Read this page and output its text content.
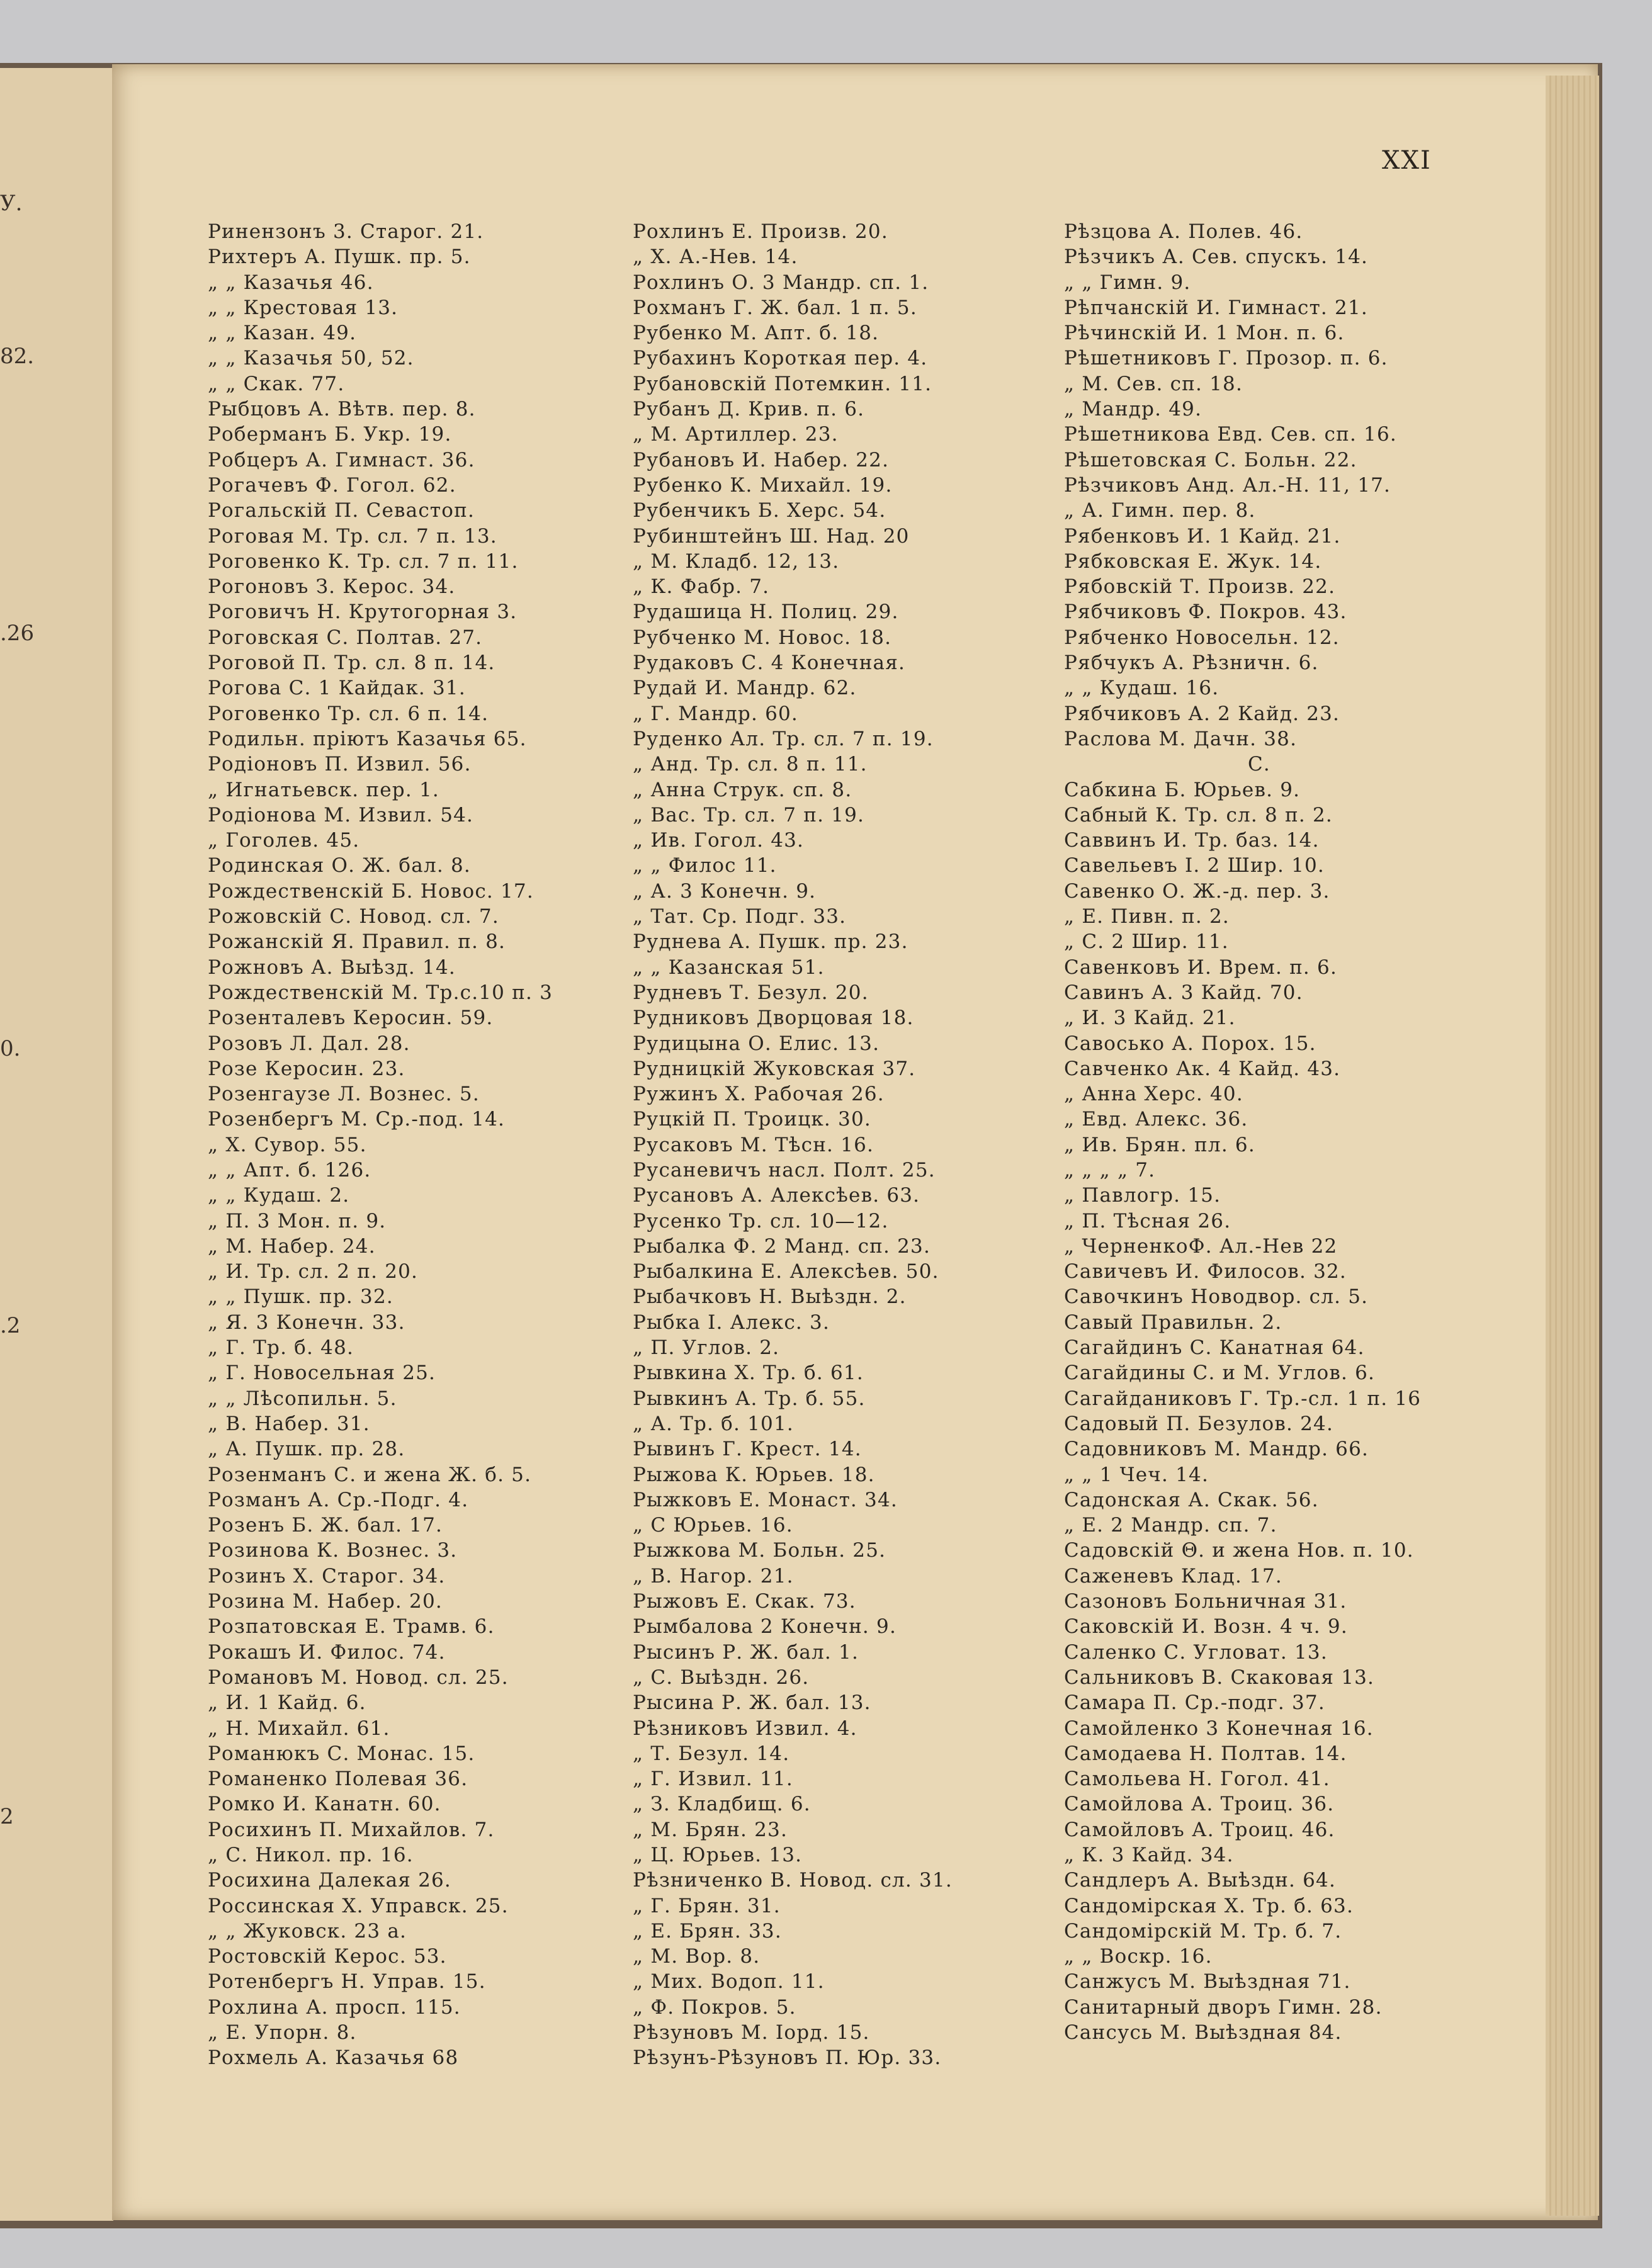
У.
82.
.26
0.
.2
2
XXI
Ринензонъ 3. Старог. 21.
Рихтеръ А. Пушк. пр. 5.
„ „ Казачья 46.
„ „ Крестовая 13.
„ „ Казан. 49.
„ „ Казачья 50, 52.
„ „ Скак. 77.
Рыбцовъ А. Вѣтв. пер. 8.
Роберманъ Б. Укр. 19.
Робцеръ А. Гимнаст. 36.
Рогачевъ Ф. Гогол. 62.
Рогальскій П. Севастоп.
Роговая М. Тр. сл. 7 п. 13.
Роговенко К. Тр. сл. 7 п. 11.
Рогоновъ З. Керос. 34.
Роговичъ Н. Крутогорная 3.
Роговская С. Полтав. 27.
Роговой П. Тр. сл. 8 п. 14.
Рогова С. 1 Кайдак. 31.
Роговенко Тр. сл. 6 п. 14.
Родильн. пріютъ Казачья 65.
Родіоновъ П. Извил. 56.
„ Игнатьевск. пер. 1.
Родіонова М. Извил. 54.
„ Гоголев. 45.
Родинская О. Ж. бал. 8.
Рождественскій Б. Новос. 17.
Рожовскій С. Новод. сл. 7.
Рожанскій Я. Правил. п. 8.
Рожновъ А. Выѣзд. 14.
Рождественскій М. Тр.с.10 п. 3
Розенталевъ Керосин. 59.
Розовъ Л. Дал. 28.
Розе Керосин. 23.
Розенгаузе Л. Вознес. 5.
Розенбергъ М. Ср.-под. 14.
„ Х. Сувор. 55.
„ „ Апт. б. 126.
„ „ Кудаш. 2.
„ П. 3 Мон. п. 9.
„ М. Набер. 24.
„ И. Тр. сл. 2 п. 20.
„ „ Пушк. пр. 32.
„ Я. 3 Конечн. 33.
„ Г. Тр. б. 48.
„ Г. Новосельная 25.
„ „ Лѣсопильн. 5.
„ В. Набер. 31.
„ А. Пушк. пр. 28.
Розенманъ С. и жена Ж. б. 5.
Розманъ А. Ср.-Подг. 4.
Розенъ Б. Ж. бал. 17.
Розинова К. Вознес. 3.
Розинъ Х. Старог. 34.
Розина М. Набер. 20.
Розпатовская Е. Трамв. 6.
Рокашъ И. Филос. 74.
Романовъ М. Новод. сл. 25.
„ И. 1 Кайд. 6.
„ Н. Михайл. 61.
Романюкъ С. Монас. 15.
Романенко Полевая 36.
Ромко И. Канатн. 60.
Росихинъ П. Михайлов. 7.
„ С. Никол. пр. 16.
Росихина Далекая 26.
Россинская Х. Управск. 25.
„ „ Жуковск. 23 а.
Ростовскій Керос. 53.
Ротенбергъ Н. Управ. 15.
Рохлина А. просп. 115.
„ Е. Упорн. 8.
Рохмель А. Казачья 68
Рохлинъ Е. Произв. 20.
„ Х. А.-Нев. 14.
Рохлинъ О. 3 Мандр. сп. 1.
Рохманъ Г. Ж. бал. 1 п. 5.
Рубенко М. Апт. б. 18.
Рубахинъ Короткая пер. 4.
Рубановскій Потемкин. 11.
Рубанъ Д. Крив. п. 6.
„ М. Артиллер. 23.
Рубановъ И. Набер. 22.
Рубенко К. Михайл. 19.
Рубенчикъ Б. Херс. 54.
Рубинштейнъ Ш. Над. 20
„ М. Кладб. 12, 13.
„ К. Фабр. 7.
Рудашица Н. Полиц. 29.
Рубченко М. Новос. 18.
Рудаковъ С. 4 Конечная.
Рудай И. Мандр. 62.
„ Г. Мандр. 60.
Руденко Ал. Тр. сл. 7 п. 19.
„ Анд. Тр. сл. 8 п. 11.
„ Анна Струк. сп. 8.
„ Вас. Тр. сл. 7 п. 19.
„ Ив. Гогол. 43.
„ „ Филос 11.
„ А. 3 Конечн. 9.
„ Тат. Ср. Подг. 33.
Руднева А. Пушк. пр. 23.
„ „ Казанская 51.
Рудневъ Т. Безул. 20.
Рудниковъ Дворцовая 18.
Рудицына О. Елис. 13.
Рудницкій Жуковская 37.
Ружинъ Х. Рабочая 26.
Руцкій П. Троицк. 30.
Русаковъ М. Тѣсн. 16.
Русаневичъ насл. Полт. 25.
Русановъ А. Алексѣев. 63.
Русенко Тр. сл. 10—12.
Рыбалка Ф. 2 Манд. сп. 23.
Рыбалкина Е. Алексѣев. 50.
Рыбачковъ Н. Выѣздн. 2.
Рыбка I. Алекс. 3.
„ П. Углов. 2.
Рывкина Х. Тр. б. 61.
Рывкинъ А. Тр. б. 55.
„ А. Тр. б. 101.
Рывинъ Г. Крест. 14.
Рыжова К. Юрьев. 18.
Рыжковъ Е. Монаст. 34.
„ С Юрьев. 16.
Рыжкова М. Больн. 25.
„ В. Нагор. 21.
Рыжовъ Е. Скак. 73.
Рымбалова 2 Конечн. 9.
Рысинъ Р. Ж. бал. 1.
„ С. Выѣздн. 26.
Рысина Р. Ж. бал. 13.
Рѣзниковъ Извил. 4.
„ Т. Безул. 14.
„ Г. Извил. 11.
„ З. Кладбищ. 6.
„ М. Брян. 23.
„ Ц. Юрьев. 13.
Рѣзниченко В. Новод. сл. 31.
„ Г. Брян. 31.
„ Е. Брян. 33.
„ М. Вор. 8.
„ Мих. Водоп. 11.
„ Ф. Покров. 5.
Рѣзуновъ М. Iорд. 15.
Рѣзунъ-Рѣзуновъ П. Юр. 33.
Рѣзцова А. Полев. 46.
Рѣзчикъ А. Сев. спускъ. 14.
„ „ Гимн. 9.
Рѣпчанскій И. Гимнаст. 21.
Рѣчинскій И. 1 Мон. п. 6.
Рѣшетниковъ Г. Прозор. п. 6.
„ М. Сев. сп. 18.
„ Мандр. 49.
Рѣшетникова Евд. Сев. сп. 16.
Рѣшетовская С. Больн. 22.
Рѣзчиковъ Анд. Ал.-Н. 11, 17.
„ А. Гимн. пер. 8.
Рябенковъ И. 1 Кайд. 21.
Рябковская Е. Жук. 14.
Рябовскій Т. Произв. 22.
Рябчиковъ Ф. Покров. 43.
Рябченко Новосельн. 12.
Рябчукъ А. Рѣзничн. 6.
„ „ Кудаш. 16.
Рябчиковъ А. 2 Кайд. 23.
Раслова М. Дачн. 38.
С.
Сабкина Б. Юрьев. 9.
Сабный К. Тр. сл. 8 п. 2.
Саввинъ И. Тр. баз. 14.
Савельевъ I. 2 Шир. 10.
Савенко О. Ж.-д. пер. 3.
„ Е. Пивн. п. 2.
„ С. 2 Шир. 11.
Савенковъ И. Врем. п. 6.
Савинъ А. 3 Кайд. 70.
„ И. 3 Кайд. 21.
Савосько А. Порох. 15.
Савченко Ак. 4 Кайд. 43.
„ Анна Херс. 40.
„ Евд. Алекс. 36.
„ Ив. Брян. пл. 6.
„ „ „ „ 7.
„ Павлогр. 15.
„ П. Тѣсная 26.
„ ЧерненкоФ. Ал.-Нев 22
Савичевъ И. Филосов. 32.
Савочкинъ Новодвор. сл. 5.
Савый Правильн. 2.
Сагайдинъ С. Канатная 64.
Сагайдины С. и М. Углов. 6.
Сагайданиковъ Г. Тр.-сл. 1 п. 16
Садовый П. Безулов. 24.
Садовниковъ М. Мандр. 66.
„ „ 1 Чеч. 14.
Садонская А. Скак. 56.
„ Е. 2 Мандр. сп. 7.
Садовскій Θ. и жена Нов. п. 10.
Саженевъ Клад. 17.
Сазоновъ Больничная 31.
Саковскій И. Возн. 4 ч. 9.
Саленко С. Угловат. 13.
Сальниковъ В. Скаковая 13.
Самара П. Ср.-подг. 37.
Самойленко 3 Конечная 16.
Самодаева Н. Полтав. 14.
Самольева Н. Гогол. 41.
Самойлова А. Троиц. 36.
Самойловъ А. Троиц. 46.
„ К. 3 Кайд. 34.
Сандлеръ А. Выѣздн. 64.
Сандомірская Х. Тр. б. 63.
Сандомірскій М. Тр. б. 7.
„ „ Воскр. 16.
Санжусъ М. Выѣздная 71.
Санитарный дворъ Гимн. 28.
Сансусь М. Выѣздная 84.
